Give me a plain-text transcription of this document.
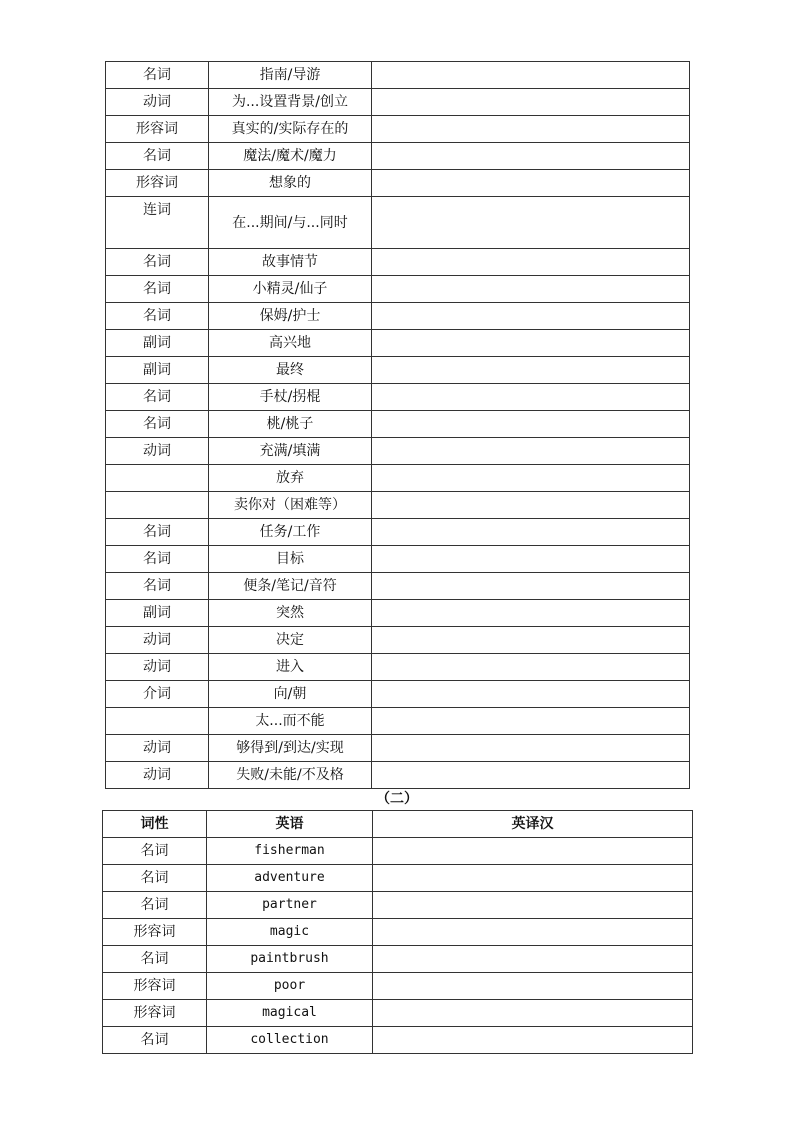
名词	指南/导游	
动词	为...设置背景/创立	
形容词	真实的/实际存在的	
名词	魔法/魔术/魔力	
形容词	想象的	
连词	在...期间/与...同时	
名词	故事情节	
名词	小精灵/仙子	
名词	保姆/护士	
副词	高兴地	
副词	最终	
名词	手杖/拐棍	
名词	桃/桃子	
动词	充满/填满	
	放弃	
	卖你对（困难等）	
名词	任务/工作	
名词	目标	
名词	便条/笔记/音符	
副词	突然	
动词	决定	
动词	进入	
介词	向/朝	
	太...而不能	
动词	够得到/到达/实现	
动词	失败/未能/不及格	
（二）
词性	英语	英译汉
名词	fisherman	
名词	adventure	
名词	partner	
形容词	magic	
名词	paintbrush	
形容词	poor	
形容词	magical	
名词	collection	
